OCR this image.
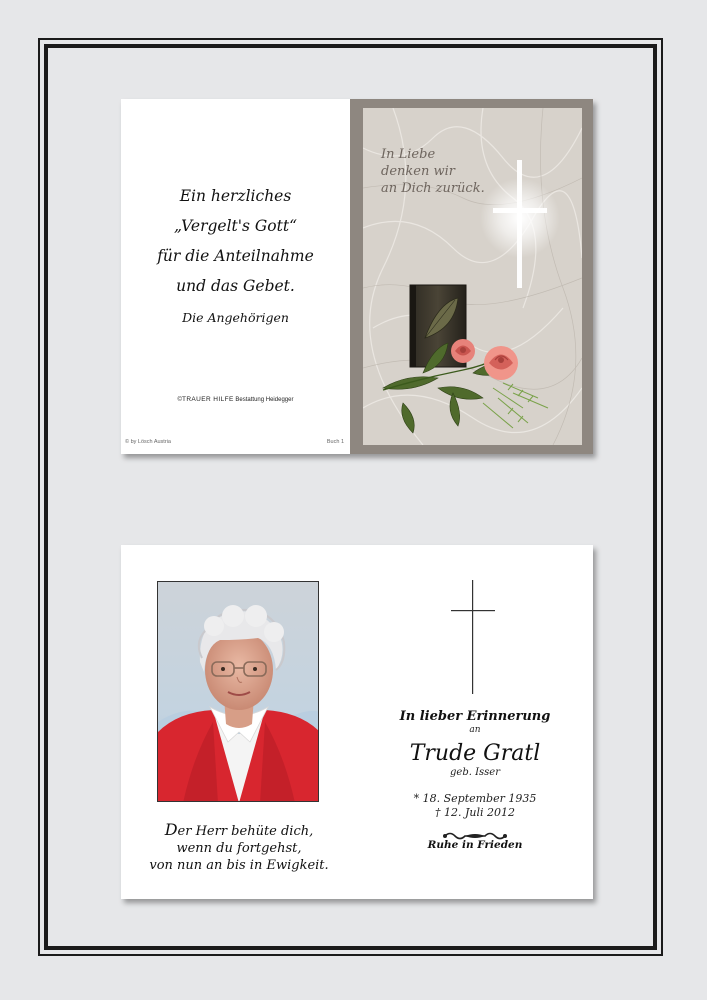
Ein herzliches
„Vergelt's Gott“
für die Anteilnahme
und das Gebet.
Die Angehörigen
©TRAUER HILFE Bestattung Heidegger
© by Lösch Austria	Buch 1
In Liebe
denken wir
an Dich zurück.
Der Herr behüte dich,
wenn du fortgehst,
von nun an bis in Ewigkeit.
In lieber Erinnerung
an
Trude Gratl
geb. Isser
* 18. September 1935
† 12. Juli 2012
Ruhe in Frieden
